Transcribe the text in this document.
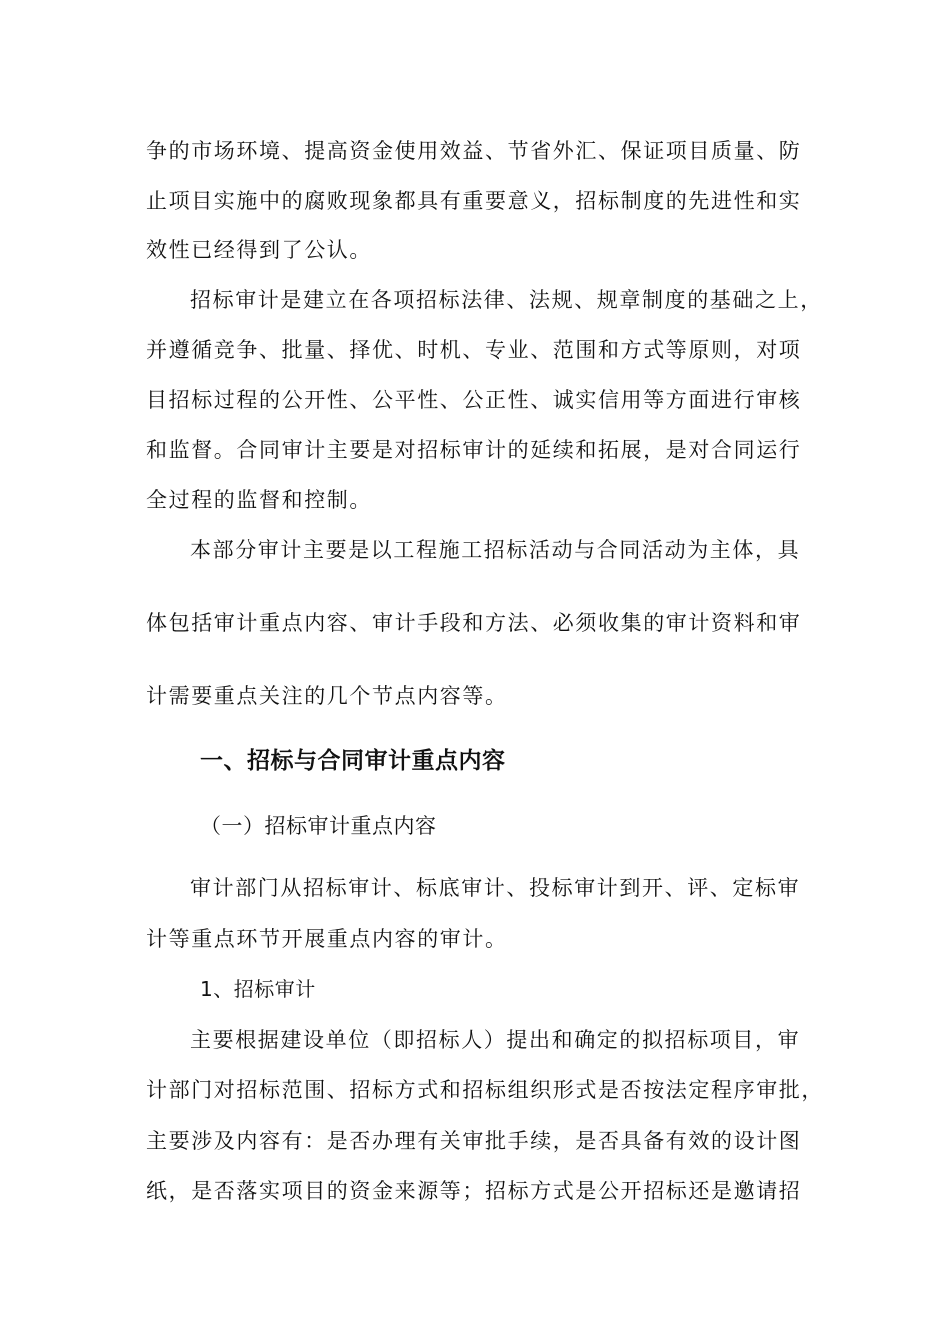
争的市场环境、提高资金使用效益、节省外汇、保证项目质量、防
止项目实施中的腐败现象都具有重要意义，招标制度的先进性和实
效性已经得到了公认。
招标审计是建立在各项招标法律、法规、规章制度的基础之上，
并遵循竞争、批量、择优、时机、专业、范围和方式等原则，对项
目招标过程的公开性、公平性、公正性、诚实信用等方面进行审核
和监督。合同审计主要是对招标审计的延续和拓展，是对合同运行
全过程的监督和控制。
本部分审计主要是以工程施工招标活动与合同活动为主体，具
体包括审计重点内容、审计手段和方法、必须收集的审计资料和审
计需要重点关注的几个节点内容等。
一、招标与合同审计重点内容
（一）招标审计重点内容
审计部门从招标审计、标底审计、投标审计到开、评、定标审
计等重点环节开展重点内容的审计。
1、招标审计
主要根据建设单位（即招标人）提出和确定的拟招标项目，审
计部门对招标范围、招标方式和招标组织形式是否按法定程序审批，
主要涉及内容有：是否办理有关审批手续，是否具备有效的设计图
纸，是否落实项目的资金来源等；招标方式是公开招标还是邀请招
